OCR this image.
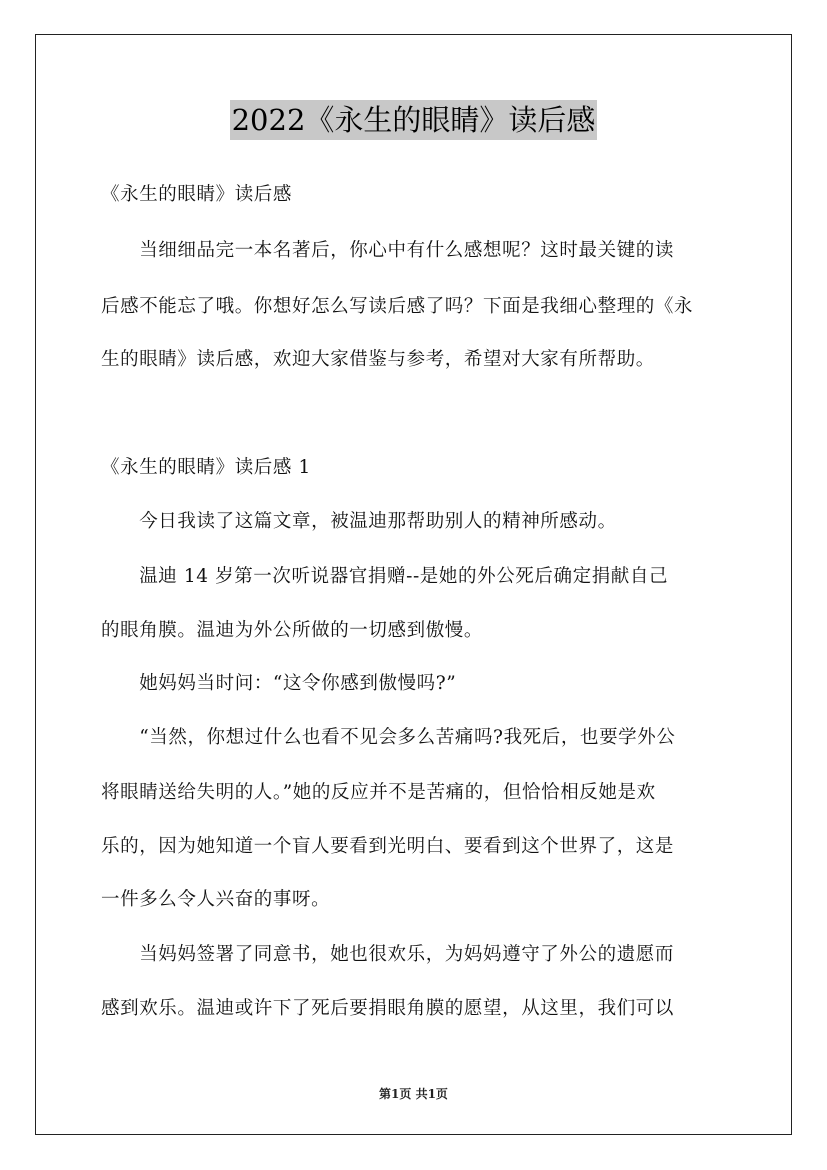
2022《永生的眼睛》读后感
《永生的眼睛》读后感
　　当细细品完一本名著后，你心中有什么感想呢？这时最关键的读
后感不能忘了哦。你想好怎么写读后感了吗？下面是我细心整理的《永
生的眼睛》读后感，欢迎大家借鉴与参考，希望对大家有所帮助。
《永生的眼睛》读后感 1
　　今日我读了这篇文章，被温迪那帮助别人的精神所感动。
　　温迪 14 岁第一次听说器官捐赠--是她的外公死后确定捐献自己
的眼角膜。温迪为外公所做的一切感到傲慢。
　　她妈妈当时问：“这令你感到傲慢吗?”
　　“当然，你想过什么也看不见会多么苦痛吗?我死后，也要学外公
将眼睛送给失明的人。”她的反应并不是苦痛的，但恰恰相反她是欢
乐的，因为她知道一个盲人要看到光明白、要看到这个世界了，这是
一件多么令人兴奋的事呀。
　　当妈妈签署了同意书，她也很欢乐，为妈妈遵守了外公的遗愿而
感到欢乐。温迪或许下了死后要捐眼角膜的愿望，从这里，我们可以
第1页 共1页
